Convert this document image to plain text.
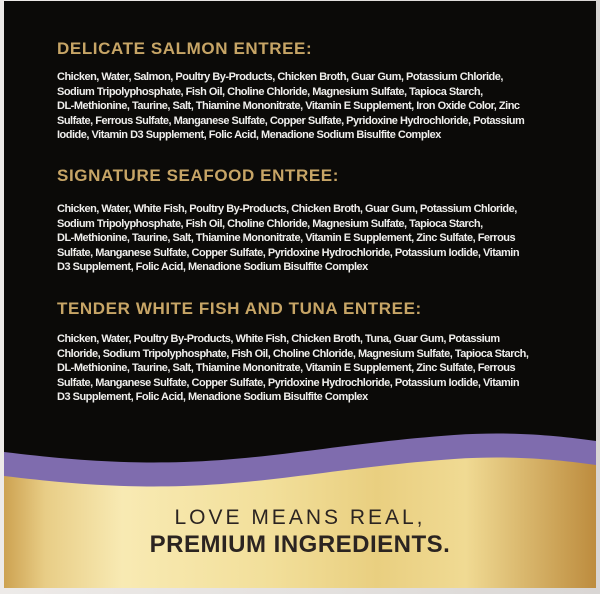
DELICATE SALMON ENTREE:
Chicken, Water, Salmon, Poultry By-Products, Chicken Broth, Guar Gum, Potassium Chloride,
Sodium Tripolyphosphate, Fish Oil, Choline Chloride, Magnesium Sulfate, Tapioca Starch,
DL-Methionine, Taurine, Salt, Thiamine Mononitrate, Vitamin E Supplement, Iron Oxide Color, Zinc
Sulfate, Ferrous Sulfate, Manganese Sulfate, Copper Sulfate, Pyridoxine Hydrochloride, Potassium
Iodide, Vitamin D3 Supplement, Folic Acid, Menadione Sodium Bisulfite Complex
SIGNATURE SEAFOOD ENTREE:
Chicken, Water, White Fish, Poultry By-Products, Chicken Broth, Guar Gum, Potassium Chloride,
Sodium Tripolyphosphate, Fish Oil, Choline Chloride, Magnesium Sulfate, Tapioca Starch,
DL-Methionine, Taurine, Salt, Thiamine Mononitrate, Vitamin E Supplement, Zinc Sulfate, Ferrous
Sulfate, Manganese Sulfate, Copper Sulfate, Pyridoxine Hydrochloride, Potassium Iodide, Vitamin
D3 Supplement, Folic Acid, Menadione Sodium Bisulfite Complex
TENDER WHITE FISH AND TUNA ENTREE:
Chicken, Water, Poultry By-Products, White Fish, Chicken Broth, Tuna, Guar Gum, Potassium
Chloride, Sodium Tripolyphosphate, Fish Oil, Choline Chloride, Magnesium Sulfate, Tapioca Starch,
DL-Methionine, Taurine, Salt, Thiamine Mononitrate, Vitamin E Supplement, Zinc Sulfate, Ferrous
Sulfate, Manganese Sulfate, Copper Sulfate, Pyridoxine Hydrochloride, Potassium Iodide, Vitamin
D3 Supplement, Folic Acid, Menadione Sodium Bisulfite Complex
LOVE MEANS REAL,
PREMIUM INGREDIENTS.
